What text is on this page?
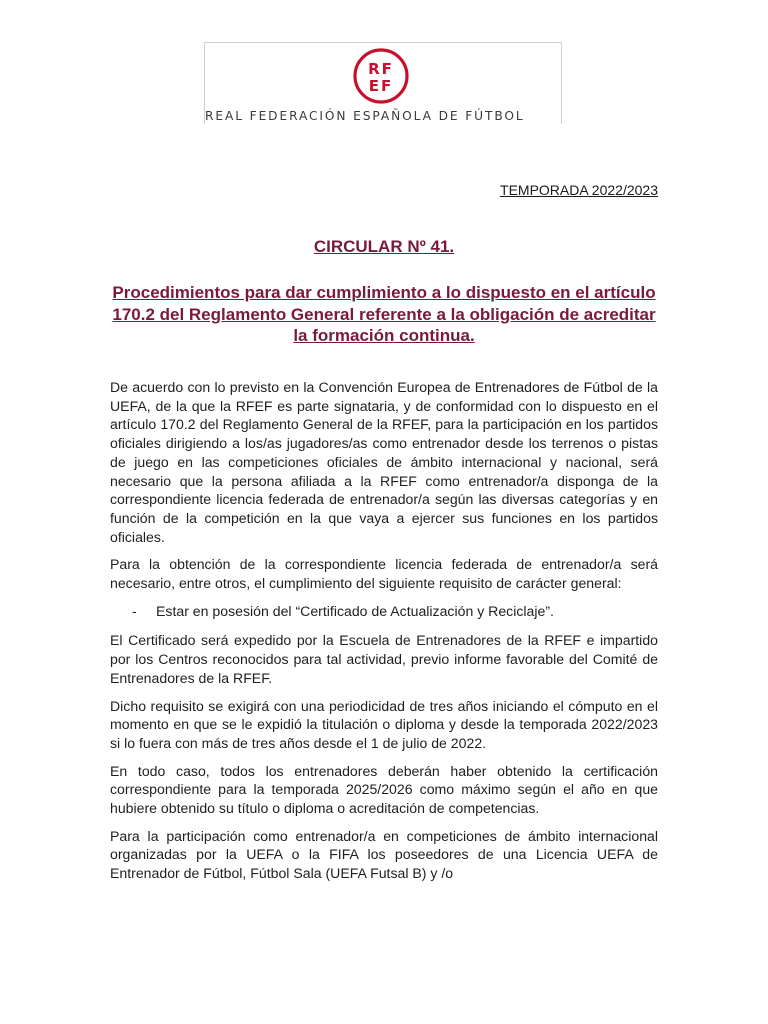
RF
EF
REAL FEDERACIÓN ESPAÑOLA DE FÚTBOL
TEMPORADA 2022/2023
CIRCULAR Nº 41.
Procedimientos para dar cumplimiento a lo dispuesto en el artículo 170.2 del Reglamento General referente a la obligación de acreditar la formación continua.

De acuerdo con lo previsto en la Convención Europea de Entrenadores de Fútbol de la UEFA, de la que la RFEF es parte signataria, y de conformidad con lo dispuesto en el artículo 170.2 del Reglamento General de la RFEF, para la participación en los partidos oficiales dirigiendo a los/as jugadores/as como entrenador desde los terrenos o pistas de juego en las competiciones oficiales de ámbito internacional y nacional, será necesario que la persona afiliada a la RFEF como entrenador/a disponga de la correspondiente licencia federada de entrenador/a según las diversas categorías y en función de la competición en la que vaya a ejercer sus funciones en los partidos oficiales.

Para la obtención de la correspondiente licencia federada de entrenador/a será necesario, entre otros, el cumplimiento del siguiente requisito de carácter general:

-	Estar en posesión del “Certificado de Actualización y Reciclaje”.

El Certificado será expedido por la Escuela de Entrenadores de la RFEF e impartido por los Centros reconocidos para tal actividad, previo informe favorable del Comité de Entrenadores de la RFEF.

Dicho requisito se exigirá con una periodicidad de tres años iniciando el cómputo en el momento en que se le expidió la titulación o diploma y desde la temporada 2022/2023 si lo fuera con más de tres años desde el 1 de julio de 2022.

En todo caso, todos los entrenadores deberán haber obtenido la certificación correspondiente para la temporada 2025/2026 como máximo según el año en que hubiere obtenido su título o diploma o acreditación de competencias.

Para la participación como entrenador/a en competiciones de ámbito internacional organizadas por la UEFA o la FIFA los poseedores de una Licencia UEFA de Entrenador de Fútbol, Fútbol Sala (UEFA Futsal B) y /o
